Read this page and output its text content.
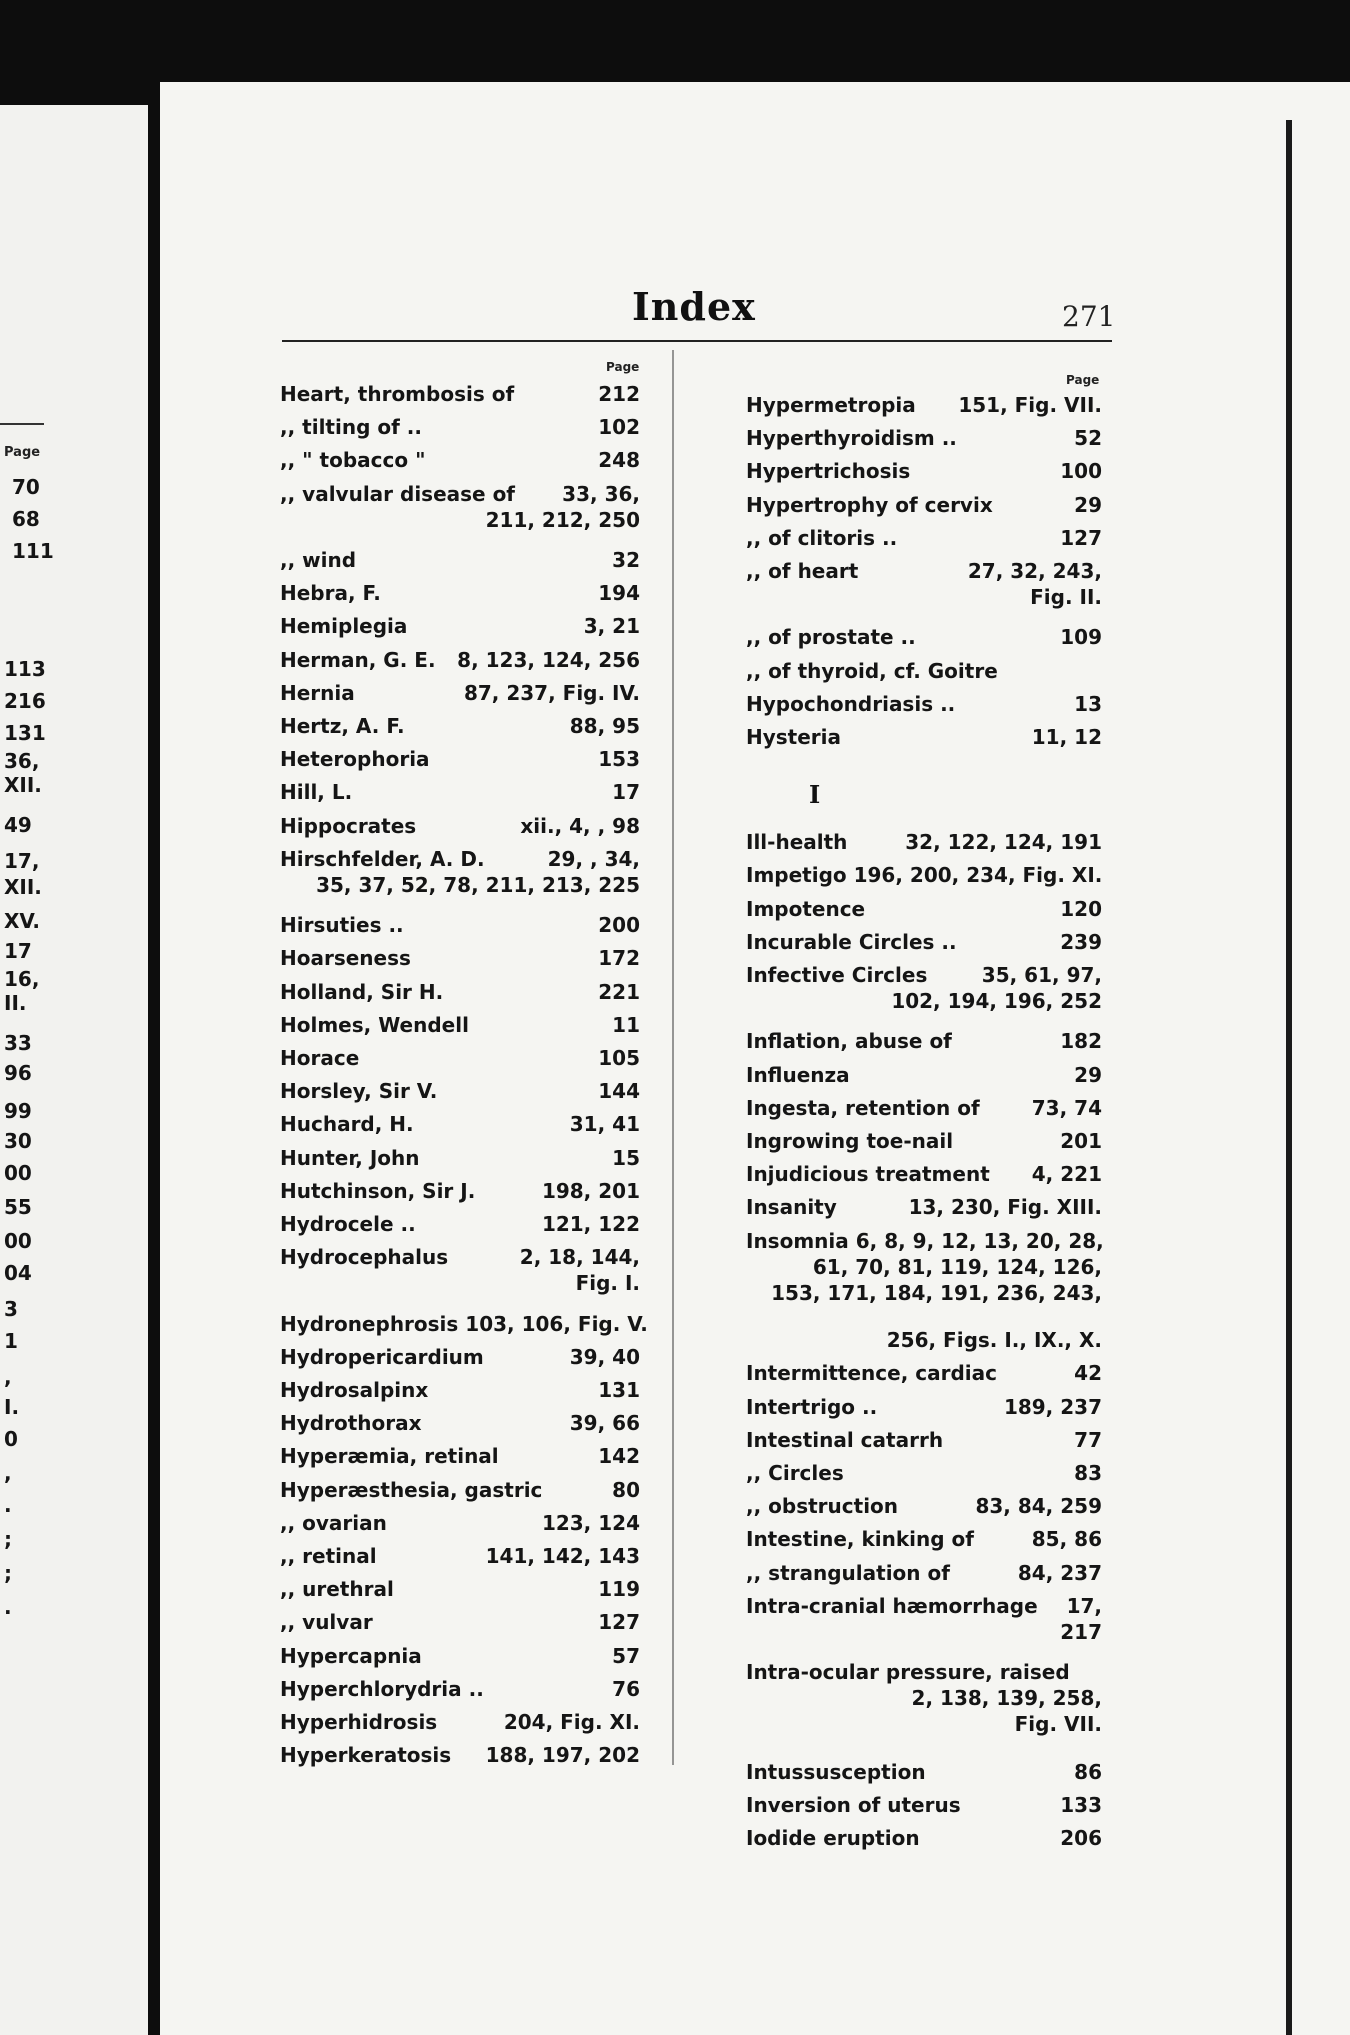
Page
70
68
111
113
216
131
36,
XII.
49
17,
XII.
XV.
17
16,
II.
33
96
99
30
00
55
00
04
3
1
,
I.
0
,
.
;
;
.
Index	271
Page
Page
Heart, thrombosis of	212
,, tilting of ..	102
,, " tobacco "	248
,, valvular disease of 33, 36,
211, 212, 250
,, wind	32
Hebra, F.	194
Hemiplegia	3, 21
Herman, G. E. 8, 123, 124, 256
Hernia	87, 237, Fig. IV.
Hertz, A. F.	88, 95
Heterophoria	153
Hill, L.	17
Hippocrates	xii., 4, , 98
Hirschfelder, A. D.	29, , 34,
35, 37, 52, 78, 211, 213, 225
Hirsuties ..	200
Hoarseness	172
Holland, Sir H.	221
Holmes, Wendell	11
Horace	105
Horsley, Sir V.	144
Huchard, H.	31, 41
Hunter, John	15
Hutchinson, Sir J.	198, 201
Hydrocele ..	121, 122
Hydrocephalus	2, 18, 144,
Fig. I.
Hydronephrosis 103, 106, Fig. V.
Hydropericardium	39, 40
Hydrosalpinx	131
Hydrothorax	39, 66
Hyperæmia, retinal	142
Hyperæsthesia, gastric	80
,, ovarian	123, 124
,, retinal	141, 142, 143
,, urethral	119
,, vulvar	127
Hypercapnia	57
Hyperchlorydria ..	76
Hyperhidrosis	204, Fig. XI.
Hyperkeratosis 188, 197, 202
Hypermetropia 151, Fig. VII.
Hyperthyroidism ..	52
Hypertrichosis	100
Hypertrophy of cervix	29
,, of clitoris ..	127
,, of heart	27, 32, 243,
Fig. II.
,, of prostate ..	109
,, of thyroid, cf. Goitre
Hypochondriasis ..	13
Hysteria	11, 12
Ill-health	32, 122, 124, 191
Impetigo 196, 200, 234, Fig. XI.
Impotence	120
Incurable Circles ..	239
Infective Circles	35, 61, 97,
102, 194, 196, 252
Inflation, abuse of	182
Influenza	29
Ingesta, retention of	73, 74
Ingrowing toe-nail	201
Injudicious treatment 4, 221
Insanity	13, 230, Fig. XIII.
Insomnia 6, 8, 9, 12, 13, 20, 28,
61, 70, 81, 119, 124, 126,
153, 171, 184, 191, 236, 243,
256, Figs. I., IX., X.
Intermittence, cardiac	42
Intertrigo ..	189, 237
Intestinal catarrh	77
,, Circles	83
,, obstruction	83, 84, 259
Intestine, kinking of	85, 86
,, strangulation of	84, 237
Intra-cranial hæmorrhage 17,
217
Intra-ocular pressure, raised
2, 138, 139, 258,
Fig. VII.
Intussusception	86
Inversion of uterus	133
Iodide eruption	206
I
